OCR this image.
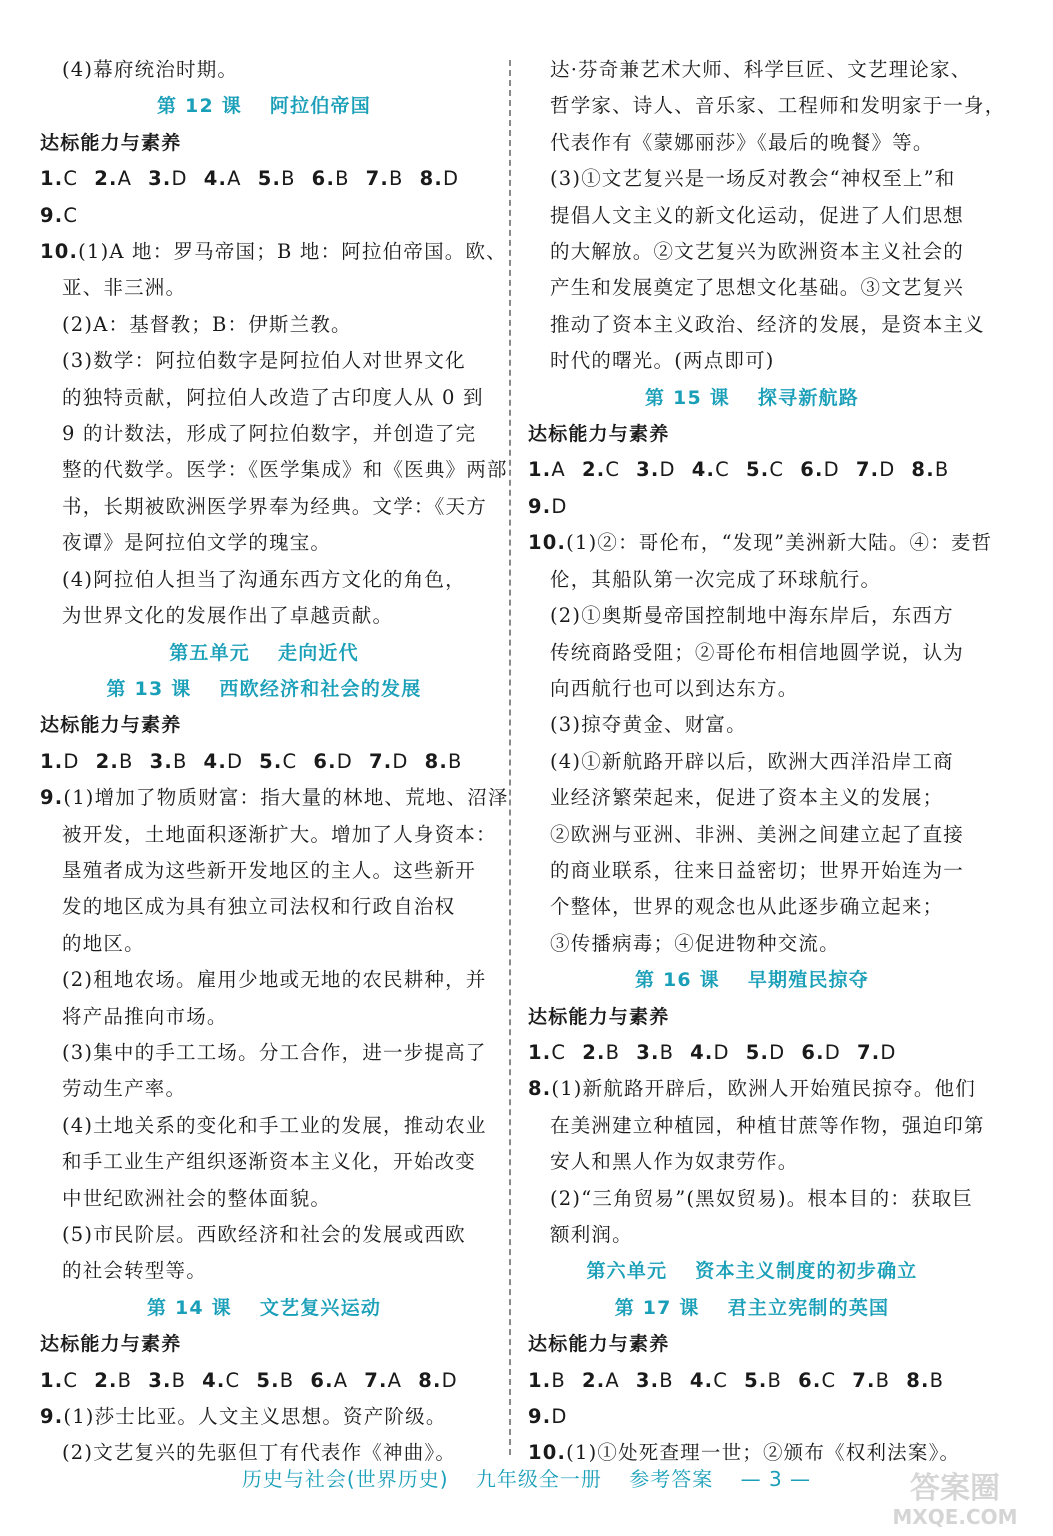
(4)幕府统治时期。
第 12 课 阿拉伯帝国
达标能力与素养
1.C 2.A 3.D 4.A 5.B 6.B 7.B 8.D
9.C
10.(1)A 地：罗马帝国；B 地：阿拉伯帝国。欧、
亚、非三洲。
(2)A：基督教；B：伊斯兰教。
(3)数学：阿拉伯数字是阿拉伯人对世界文化
的独特贡献，阿拉伯人改造了古印度人从 0 到
9 的计数法，形成了阿拉伯数字，并创造了完
整的代数学。医学：《医学集成》和《医典》两部
书，长期被欧洲医学界奉为经典。文学：《天方
夜谭》是阿拉伯文学的瑰宝。
(4)阿拉伯人担当了沟通东西方文化的角色，
为世界文化的发展作出了卓越贡献。
第五单元 走向近代
第 13 课 西欧经济和社会的发展
达标能力与素养
1.D 2.B 3.B 4.D 5.C 6.D 7.D 8.B
9.(1)增加了物质财富：指大量的林地、荒地、沼泽
被开发，土地面积逐渐扩大。增加了人身资本：
垦殖者成为这些新开发地区的主人。这些新开
发的地区成为具有独立司法权和行政自治权
的地区。
(2)租地农场。雇用少地或无地的农民耕种，并
将产品推向市场。
(3)集中的手工工场。分工合作，进一步提高了
劳动生产率。
(4)土地关系的变化和手工业的发展，推动农业
和手工业生产组织逐渐资本主义化，开始改变
中世纪欧洲社会的整体面貌。
(5)市民阶层。西欧经济和社会的发展或西欧
的社会转型等。
第 14 课 文艺复兴运动
达标能力与素养
1.C 2.B 3.B 4.C 5.B 6.A 7.A 8.D
9.(1)莎士比亚。人文主义思想。资产阶级。
(2)文艺复兴的先驱但丁有代表作《神曲》。
达·芬奇兼艺术大师、科学巨匠、文艺理论家、
哲学家、诗人、音乐家、工程师和发明家于一身，
代表作有《蒙娜丽莎》《最后的晚餐》等。
(3)①文艺复兴是一场反对教会“神权至上”和
提倡人文主义的新文化运动，促进了人们思想
的大解放。②文艺复兴为欧洲资本主义社会的
产生和发展奠定了思想文化基础。③文艺复兴
推动了资本主义政治、经济的发展，是资本主义
时代的曙光。(两点即可)
第 15 课 探寻新航路
达标能力与素养
1.A 2.C 3.D 4.C 5.C 6.D 7.D 8.B
9.D
10.(1)②：哥伦布，“发现”美洲新大陆。④：麦哲
伦，其船队第一次完成了环球航行。
(2)①奥斯曼帝国控制地中海东岸后，东西方
传统商路受阻；②哥伦布相信地圆学说，认为
向西航行也可以到达东方。
(3)掠夺黄金、财富。
(4)①新航路开辟以后，欧洲大西洋沿岸工商
业经济繁荣起来，促进了资本主义的发展；
②欧洲与亚洲、非洲、美洲之间建立起了直接
的商业联系，往来日益密切；世界开始连为一
个整体，世界的观念也从此逐步确立起来；
③传播病毒；④促进物种交流。
第 16 课 早期殖民掠夺
达标能力与素养
1.C 2.B 3.B 4.D 5.D 6.D 7.D
8.(1)新航路开辟后，欧洲人开始殖民掠夺。他们
在美洲建立种植园，种植甘蔗等作物，强迫印第
安人和黑人作为奴隶劳作。
(2)“三角贸易”(黑奴贸易)。根本目的：获取巨
额利润。
第六单元 资本主义制度的初步确立
第 17 课 君主立宪制的英国
达标能力与素养
1.B 2.A 3.B 4.C 5.B 6.C 7.B 8.B
9.D
10.(1)①处死查理一世；②颁布《权利法案》。
历史与社会(世界历史) 九年级全一册 参考答案 — 3 —	答案圈
MXQE.COM
